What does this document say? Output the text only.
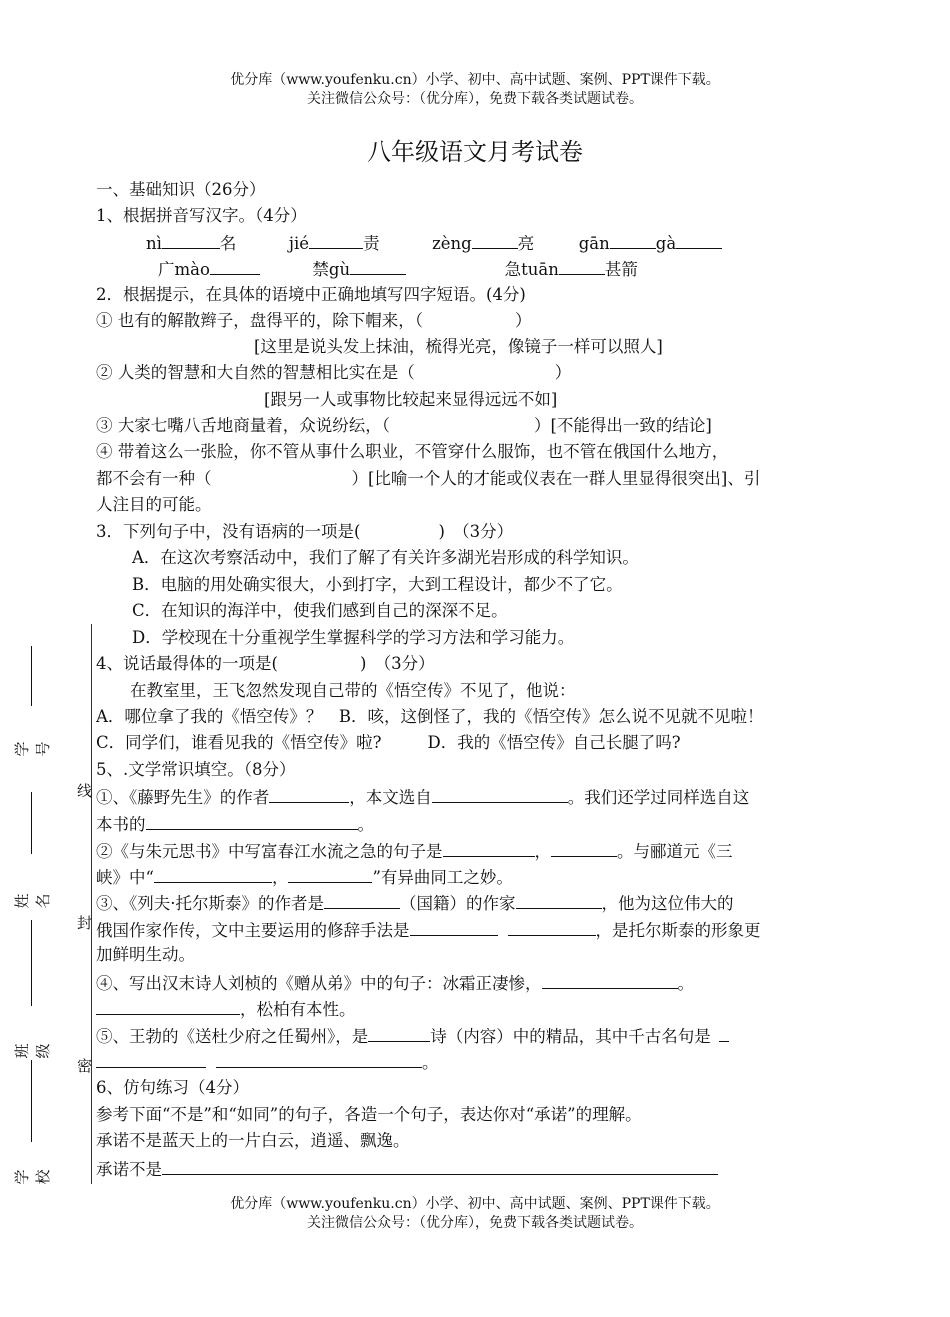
优分库（www.youfenku.cn）小学、初中、高中试题、案例、PPT课件下载。
关注微信公众号：（优分库），免费下载各类试题试卷。
八年级语文月考试卷
一、基础知识（26分）
1、根据拼音写汉字。（4分）
nì	名	jié	责	zèng	亮	gān	gà
广mào	禁gù	急tuān	甚箭
2．根据提示，在具体的语境中正确地填写四字短语。(4分)
① 也有的解散辫子，盘得平的，除下帽来，（	）
[这里是说头发上抹油，梳得光亮，像镜子一样可以照人]
② 人类的智慧和大自然的智慧相比实在是（	）
[跟另一人或事物比较起来显得远远不如]
③ 大家七嘴八舌地商量着，众说纷纭，（	）[不能得出一致的结论]
④ 带着这么一张脸，你不管从事什么职业，不管穿什么服饰，也不管在俄国什么地方，
都不会有一种（	）[比喻一个人的才能或仪表在一群人里显得很突出]、引
人注目的可能。
3．下列句子中，没有语病的一项是(	)　（3分）
A．在这次考察活动中，我们了解了有关许多湖光岩形成的科学知识。
B．电脑的用处确实很大，小到打字，大到工程设计，都少不了它。
C．在知识的海洋中，使我们感到自己的深深不足。
D．学校现在十分重视学生掌握科学的学习方法和学习能力。
4、说话最得体的一项是(	)　（3分）
在教室里，王飞忽然发现自己带的《悟空传》不见了，他说：
A．哪位拿了我的《悟空传》？　B．咳，这倒怪了，我的《悟空传》怎么说不见就不见啦！
C．同学们，谁看见我的《悟空传》啦?	D．我的《悟空传》自己长腿了吗?
5、.文学常识填空。（8分）
①、《藤野先生》的作者	，本文选自	。我们还学过同样选自这
本书的	。
②《与朱元思书》中写富春江水流之急的句子是	，	。与郦道元《三
峡》中“	，	”有异曲同工之妙。
③、《列夫·托尔斯泰》的作者是	（国籍）的作家	，他为这位伟大的
俄国作家作传，文中主要运用的修辞手法是	，是托尔斯泰的形象更
加鲜明生动。
④、写出汉末诗人刘桢的《赠从弟》中的句子：冰霜正凄惨，	。
，松柏有本性。
⑤、王勃的《送杜少府之任蜀州》，是	诗（内容）中的精品，其中千古名句是
。
6、仿句练习（4分）
参考下面“不是”和“如同”的句子，各造一个句子，表达你对“承诺”的理解。
承诺不是蓝天上的一片白云，逍遥、飘逸。
承诺不是
线
封
密
学号
姓名
班级
学校
优分库（www.youfenku.cn）小学、初中、高中试题、案例、PPT课件下载。
关注微信公众号：（优分库），免费下载各类试题试卷。
